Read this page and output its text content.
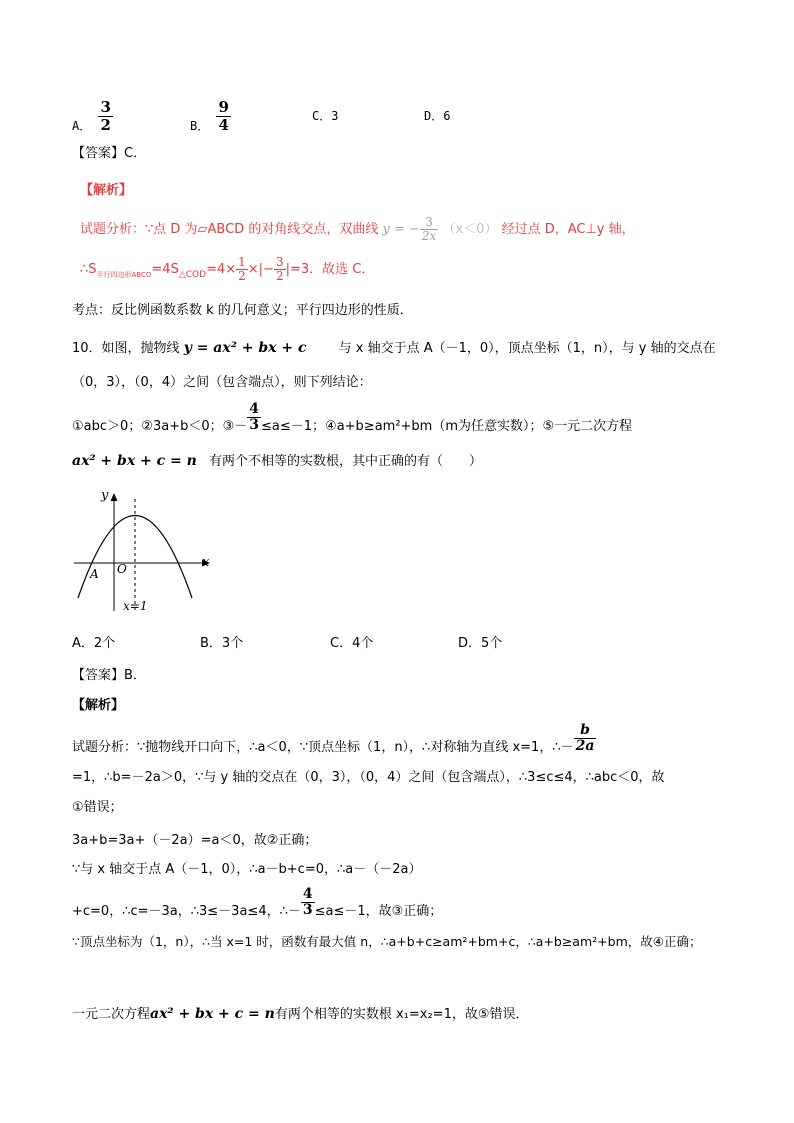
A． $\frac{3}{2}$	B． $\frac{9}{4}$	C．3	D．6
【答案】C．
【解析】
试题分析：∵点 D 为▱ABCD 的对角线交点，双曲线 y = − $\frac{3}{2x} (x<0)$ 经过点 D，AC⊥y 轴，
$\therefore S_{平行四边形ABCO}=4S_{\triangle COD}=4\times \frac{1}{2}$ ×|− $\frac{3}{2} |=3$．故选 C．
考点：反比例函数系数 k 的几何意义；平行四边形的性质．
10．如图，抛物线 y = ax² + bx + c 与 x 轴交于点 A（－1，0），顶点坐标（1，n），与 y 轴的交点在
（0，3），（0，4）之间（包含端点），则下列结论：
①abc＞0；②3a+b＜0；③－ $\frac{4}{3} \le a\le-1$；④a+b≥am²+bm（m为任意实数）；⑤一元二次方程
ax² + bx + c = n 有两个不相等的实数根，其中正确的有（　　）
y
x
O
A
x=1
A．2个	B．3个	C．4个	D．5个
【答案】B．
【解析】
试题分析：∵抛物线开口向下，∴a＜0，∵顶点坐标（1，n），∴对称轴为直线 x=1，∴－ $\frac{b}{2a}$
=1，∴b=－2a＞0，∵与 y 轴的交点在（0，3），（0，4）之间（包含端点），∴3≤c≤4，∴abc＜0，故
①错误；
3a+b=3a+（－2a）=a＜0，故②正确；
∵与 x 轴交于点 A（－1，0），∴a－b+c=0，∴a－（－2a）
+c=0，∴c=－3a，∴3≤－3a≤4，∴－ $\frac{4}{3} \le a\le-1$，故③正确；
∵顶点坐标为（1，n），∴当 x=1 时，函数有最大值 n，∴a+b+c≥am²+bm+c，∴a+b≥am²+bm，故④正确；
一元二次方程ax² + bx + c = n有两个相等的实数根 x₁=x₂=1，故⑤错误．
